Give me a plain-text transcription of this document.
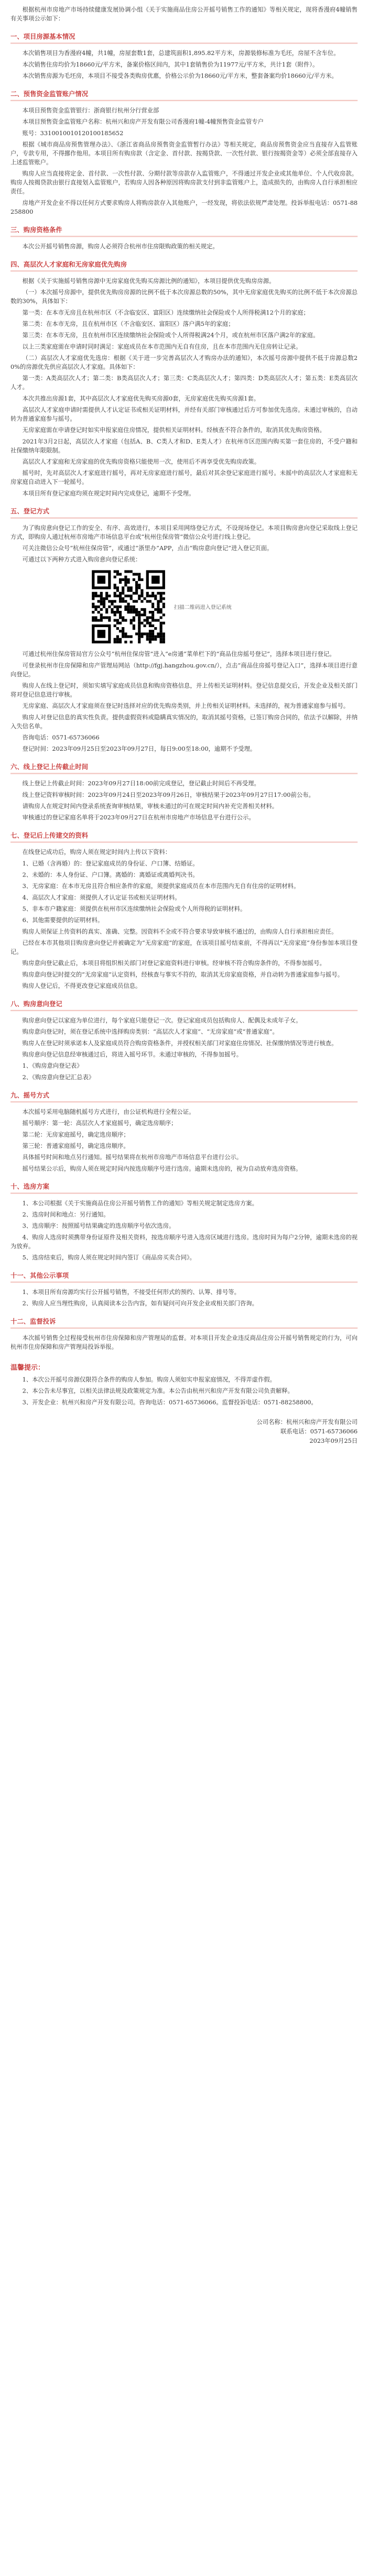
根据杭州市房地产市场持续健康发展协调小组《关于实施商品住房公开摇号销售工作的通知》等相关规定，现将香漫府4幢销售有关事项公示如下：

一、项目房源基本情况

本次销售项目为香漫府4幢，共1幢，房屋套数1套，总建筑面积1,895.82平方米，房源装修标准为毛坯，房屋不含车位。

本次销售住房均价为18660元/平方米，备案价格区间内，其中1套销售价为11977元/平方米，共计1套（附件）。

本次销售房源为毛坯房，本项目不接受各类购房优惠，价格公示价为18660元/平方米，整套备案均价18660元/平方米。

二、预售资金监管账户情况

本项目预售资金监管银行：浙商银行杭州分行营业部

本项目预售资金监管账户名称：杭州兴和房产开发有限公司香漫府1幢-4幢预售资金监管专户

账号：3310010010120100185652

根据《城市商品房预售管理办法》、《浙江省商品房预售资金监管暂行办法》等相关规定，商品房预售资金应当直接存入监管账户，专款专用，不得挪作他用。本项目所有购房款（含定金、首付款、按揭贷款、一次性付款、银行按揭资金等）必须全部直接存入上述监管账户。

购房人应当直接将定金、首付款、一次性付款、分期付款等房款存入监管账户，不得通过开发企业或其他单位、个人代收房款。购房人按揭贷款由银行直接划入监管账户，若购房人因各种原因将购房款支付到非监管账户上，造成损失的，由购房人自行承担相应责任。

房地产开发企业不得以任何方式要求购房人将购房款存入其他账户，一经发现，将依法依规严肃处理。投诉举报电话：0571-88258800

三、购房资格条件

本次公开摇号销售房源，购房人必须符合杭州市住房限购政策的相关规定。

四、高层次人才家庭和无房家庭优先购房

根据《关于实施摇号销售房源中无房家庭优先购买房源比例的通知》，本项目提供优先购房房源。

（一）本次摇号房源中，提供优先购房房源的比例不低于本次房源总数的50%，其中无房家庭优先购买的比例不低于本次房源总数的30%，具体如下：

第一类：在本市无房且在杭州市区（不含临安区、富阳区）连续缴纳社会保险或个人所得税满12个月的家庭；

第二类：在本市无房，且在杭州市区（不含临安区、富阳区）落户满5年的家庭；

第三类：在本市无房，且在杭州市区连续缴纳社会保险或个人所得税满24个月，或在杭州市区落户满2年的家庭。

以上三类家庭需在申请时同时满足：家庭成员在本市范围内无自有住房，且在本市范围内无住房转让记录。

（二）高层次人才家庭优先选房：根据《关于进一步完善高层次人才购房办法的通知》，本次摇号房源中提供不低于房源总数20%的房源优先供应高层次人才家庭。具体如下：

第一类：A类高层次人才；第二类：B类高层次人才；第三类：C类高层次人才；第四类：D类高层次人才；第五类：E类高层次人才。

本次共推出房源1套，其中高层次人才家庭优先购买房源0套，无房家庭优先购买房源1套。

高层次人才家庭申请时需提供人才认定证书或相关证明材料，并经有关部门审核通过后方可参加优先选房。未通过审核的，自动转为普通家庭参与摇号。

无房家庭需在申请登记时如实申报家庭住房情况，提供相关证明材料。经核查不符合条件的，取消其优先购房资格。

2021年3月2日起，高层次人才家庭（包括A、B、C类人才和D、E类人才）在杭州市区范围内购买第一套住房的，不受户籍和社保缴纳年限限制。

高层次人才家庭和无房家庭的优先购房资格只能使用一次，使用后不再享受优先购房政策。

摇号时，先对高层次人才家庭进行摇号，再对无房家庭进行摇号，最后对其余登记家庭进行摇号。未摇中的高层次人才家庭和无房家庭自动进入下一轮摇号。

本项目所有登记家庭均须在规定时间内完成登记，逾期不予受理。

五、登记方式

为了购房意向登记工作的安全、有序、高效进行，本项目采用网络登记方式，不设现场登记。本项目购房意向登记采取线上登记方式，即购房人通过杭州市房地产市场信息平台或“杭州住保房管”微信公众号进行线上登记。

可关注微信公众号“杭州住保房管”，或通过“浙里办”APP，点击“购房意向登记”进入登记页面。

可通过以下两种方式进入购房意向登记系统：

扫描二维码进入登记系统

可通过杭州住保房管局官方公众号“杭州住保房管”进入“e房通”菜单栏下的“商品住房摇号登记”，选择本项目进行登记。

可登录杭州市住房保障和房产管理局网站（http://fgj.hangzhou.gov.cn/），点击“商品住房摇号登记入口”，选择本项目进行意向登记。

购房人在线上登记时，须如实填写家庭成员信息和购房资格信息，并上传相关证明材料。登记信息提交后，开发企业及相关部门将对登记信息进行审核。

无房家庭、高层次人才家庭须在登记时选择对应的优先购房类别，并上传相关证明材料。未选择的，视为普通家庭参与摇号。

购房人对登记信息的真实性负责。提供虚假资料或隐瞒真实情况的，取消其摇号资格，已签订购房合同的，依法予以解除，并纳入失信名单。

咨询电话：0571-65736066

登记时间：2023年09月25日至2023年09月27日，每日9:00至18:00，逾期不予受理。

六、线上登记上传截止时间

线上登记上传截止时间：2023年09月27日18:00前完成登记，登记截止时间后不再受理。

线上登记资料审核时间：2023年09月24日至2023年09月26日，审核结果于2023年09月27日17:00前公布。

请购房人在规定时间内登录系统查询审核结果，审核未通过的可在规定时间内补充完善相关材料。

审核通过的登记家庭名单将于2023年09月27日在杭州市房地产市场信息平台进行公示。

七、登记后上传建交的资料

在线登记成功后，购房人须在规定时间内上传以下资料：

1、已婚（含再婚）的：登记家庭成员的身份证、户口簿、结婚证。

2、未婚的：本人身份证、户口簿。离婚的：离婚证或离婚判决书。

3、无房家庭：在本市无房且符合相应条件的家庭，须提供家庭成员在本市范围内无自有住房的证明材料。

4、高层次人才家庭：须提供人才认定证书或相关证明材料。

5、非本市户籍家庭：须提供在杭州市区连续缴纳社会保险或个人所得税的证明材料。

6、其他需要提供的证明材料。

购房人须保证上传资料的真实、准确、完整。因资料不全或不符合要求导致审核不通过的，由购房人自行承担相应责任。

已经在本市其他项目购房意向登记并被确定为“无房家庭”的家庭，在该项目摇号结束前，不得再以“无房家庭”身份参加本项目登记。

购房意向登记截止后，本项目将组织相关部门对登记家庭资料进行审核。经审核不符合购房条件的，不得参加摇号。

购房意向登记时提交的“无房家庭”认定资料，经核查与事实不符的，取消其无房家庭资格，并自动转为普通家庭参与摇号。

购房人登记后，不得更改登记家庭成员信息。

八、购房意向登记

购房意向登记以家庭为单位进行，每个家庭只能登记一次。登记家庭成员包括购房人、配偶及未成年子女。

购房意向登记时，须在登记系统中选择购房类别：“高层次人才家庭”、“无房家庭”或“普通家庭”。

购房人在登记时须承诺本人及家庭成员符合购房资格条件，并授权相关部门对家庭住房情况、社保缴纳情况等进行核查。

购房意向登记信息经审核通过后，将进入摇号环节。未通过审核的，不得参加摇号。

1、《购房意向登记表》

2、《购房意向登记汇总表》

九、摇号方式

本次摇号采用电脑随机摇号方式进行，由公证机构进行全程公证。

摇号顺序：第一轮：高层次人才家庭摇号，确定选房顺序；

第二轮：无房家庭摇号，确定选房顺序；

第三轮：普通家庭摇号，确定选房顺序。

具体摇号时间和地点另行通知。摇号结果将在杭州市房地产市场信息平台进行公示。

摇号结果公示后，购房人须在规定时间内按选房顺序号进行选房。逾期未选房的，视为自动放弃选房资格。

十、选房方案

1、本公司根据《关于实施商品住房公开摇号销售工作的通知》等相关规定制定选房方案。

2、选房时间和地点：另行通知。

3、选房顺序：按照摇号结果确定的选房顺序号依次选房。

4、购房人选房时须携带身份证原件及相关资料，按选房顺序号进入选房区域进行选房。选房时间为每户2分钟，逾期未选房的视为放弃。

5、选房结束后，购房人须在规定时间内签订《商品房买卖合同》。

十一、其他公示事项

1、本项目所有房源均实行公开摇号销售，不接受任何形式的预约、认筹、排号等。

2、购房人应当理性购房，认真阅读本公告内容，如有疑问可向开发企业或相关部门咨询。

十二、监督投诉

本次摇号销售全过程接受杭州市住房保障和房产管理局的监督。对本项目开发企业违反商品住房公开摇号销售规定的行为，可向杭州市住房保障和房产管理局投诉举报。

温馨提示：

1、本次公开摇号房源仅限符合条件的购房人参加。购房人须如实申报家庭情况，不得弄虚作假。

2、本公告未尽事宜，以相关法律法规及政策规定为准。本公告由杭州兴和房产开发有限公司负责解释。

3、开发企业：杭州兴和房产开发有限公司。咨询电话：0571-65736066。监督投诉电话：0571-88258800。

公司名称：杭州兴和房产开发有限公司
联系电话：0571-65736066
2023年09月25日
